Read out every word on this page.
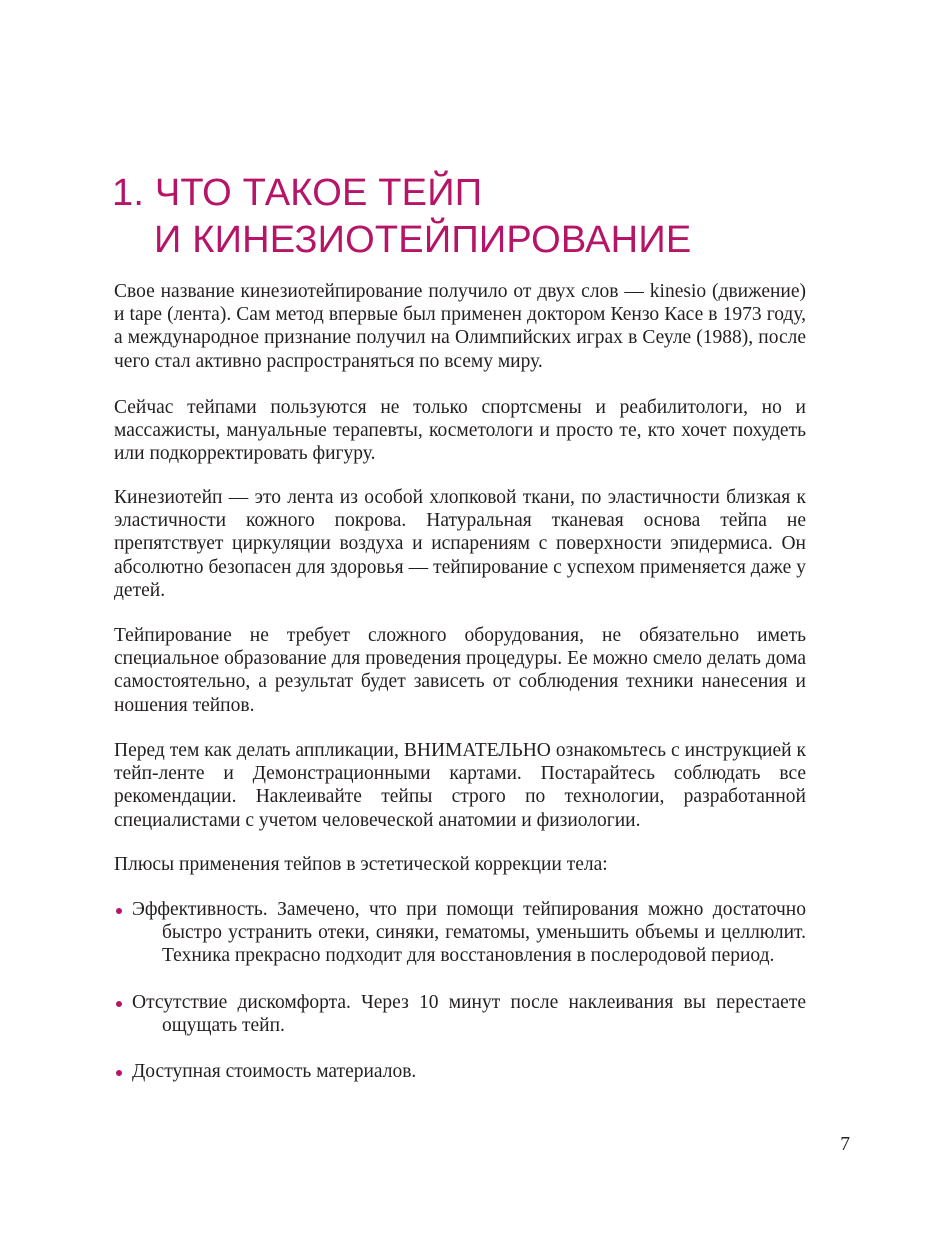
1. ЧТО ТАКОЕ ТЕЙП
И КИНЕЗИОТЕЙПИРОВАНИЕ

Свое название кинезиотейпирование получило от двух слов — kinesio (движение) и tape (лента). Сам метод впервые был применен доктором Кензо Касе в 1973 году, а международное признание получил на Олимпийских играх в Сеуле (1988), после чего стал активно распространяться по всему миру.

Сейчас тейпами пользуются не только спортсмены и реабилитологи, но и массажисты, мануальные терапевты, косметологи и просто те, кто хочет похудеть или подкорректировать фигуру.

Кинезиотейп — это лента из особой хлопковой ткани, по эластичности близкая к эластичности кожного покрова. Натуральная тканевая основа тейпа не препятствует циркуляции воздуха и испарениям с поверхности эпидермиса. Он абсолютно безопасен для здоровья — тейпирование с успехом применяется даже у детей.

Тейпирование не требует сложного оборудования, не обязательно иметь специальное образование для проведения процедуры. Ее можно смело делать дома самостоятельно, а результат будет зависеть от соблюдения техники нанесения и ношения тейпов.

Перед тем как делать аппликации, ВНИМАТЕЛЬНО ознакомьтесь с инструкцией к тейп-ленте и Демонстрационными картами. Постарайтесь соблюдать все рекомендации. Наклеивайте тейпы строго по технологии, разработанной специалистами с учетом человеческой анатомии и физиологии.

Плюсы применения тейпов в эстетической коррекции тела:

Эффективность. Замечено, что при помощи тейпирования можно достаточно быстро устранить отеки, синяки, гематомы, уменьшить объемы и целлюлит. Техника прекрасно подходит для восстановления в послеродовой период.
Отсутствие дискомфорта. Через 10 минут после наклеивания вы перестаете ощущать тейп.
Доступная стоимость материалов.
7
